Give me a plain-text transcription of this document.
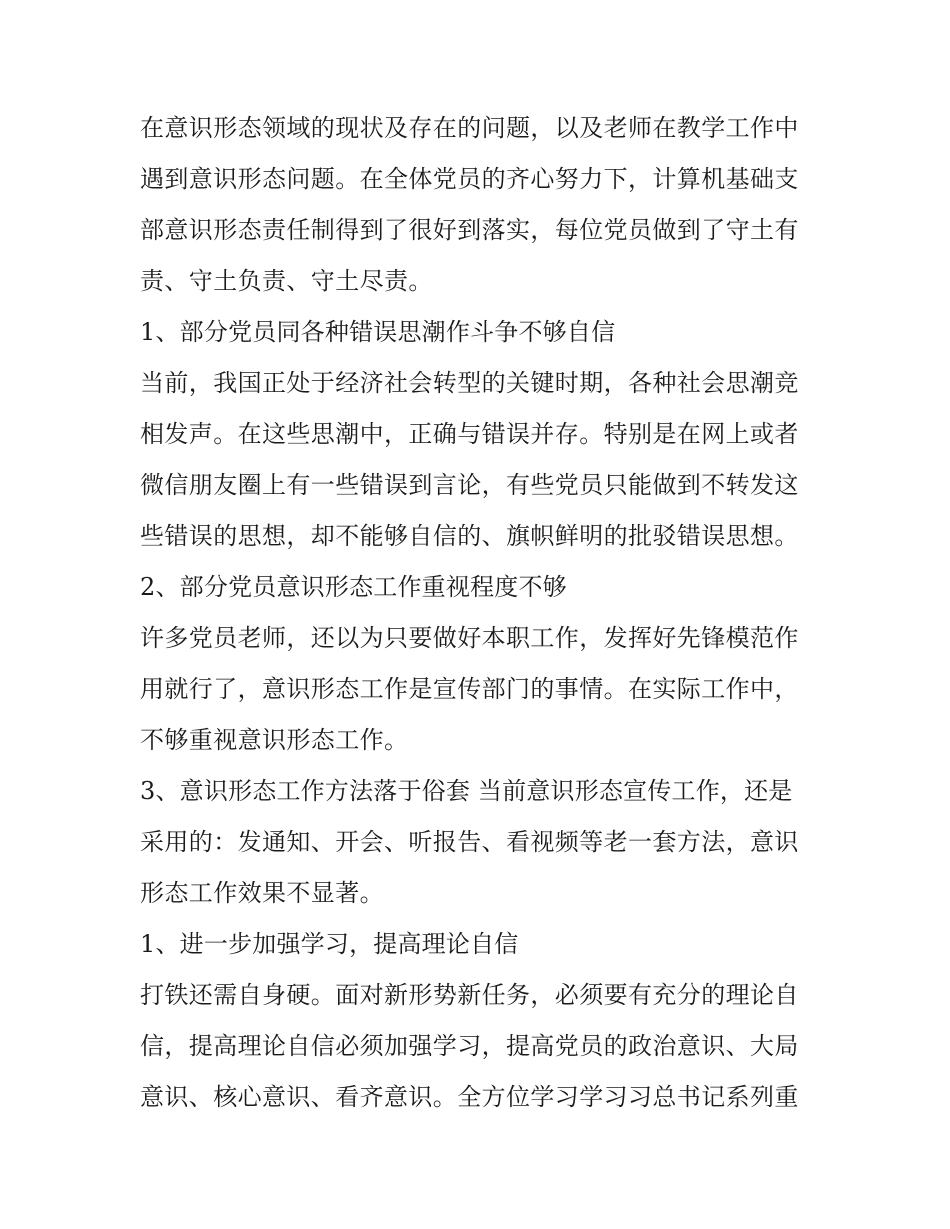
在意识形态领域的现状及存在的问题，以及老师在教学工作中
遇到意识形态问题。在全体党员的齐心努力下，计算机基础支
部意识形态责任制得到了很好到落实，每位党员做到了守土有
责、守土负责、守土尽责。
1、部分党员同各种错误思潮作斗争不够自信
当前，我国正处于经济社会转型的关键时期，各种社会思潮竞
相发声。在这些思潮中，正确与错误并存。特别是在网上或者
微信朋友圈上有一些错误到言论，有些党员只能做到不转发这
些错误的思想，却不能够自信的、旗帜鲜明的批驳错误思想。
2、部分党员意识形态工作重视程度不够
许多党员老师，还以为只要做好本职工作，发挥好先锋模范作
用就行了，意识形态工作是宣传部门的事情。在实际工作中，
不够重视意识形态工作。
3、意识形态工作方法落于俗套 当前意识形态宣传工作，还是
采用的：发通知、开会、听报告、看视频等老一套方法，意识
形态工作效果不显著。
1、进一步加强学习，提高理论自信
打铁还需自身硬。面对新形势新任务，必须要有充分的理论自
信，提高理论自信必须加强学习，提高党员的政治意识、大局
意识、核心意识、看齐意识。全方位学习学习习总书记系列重
